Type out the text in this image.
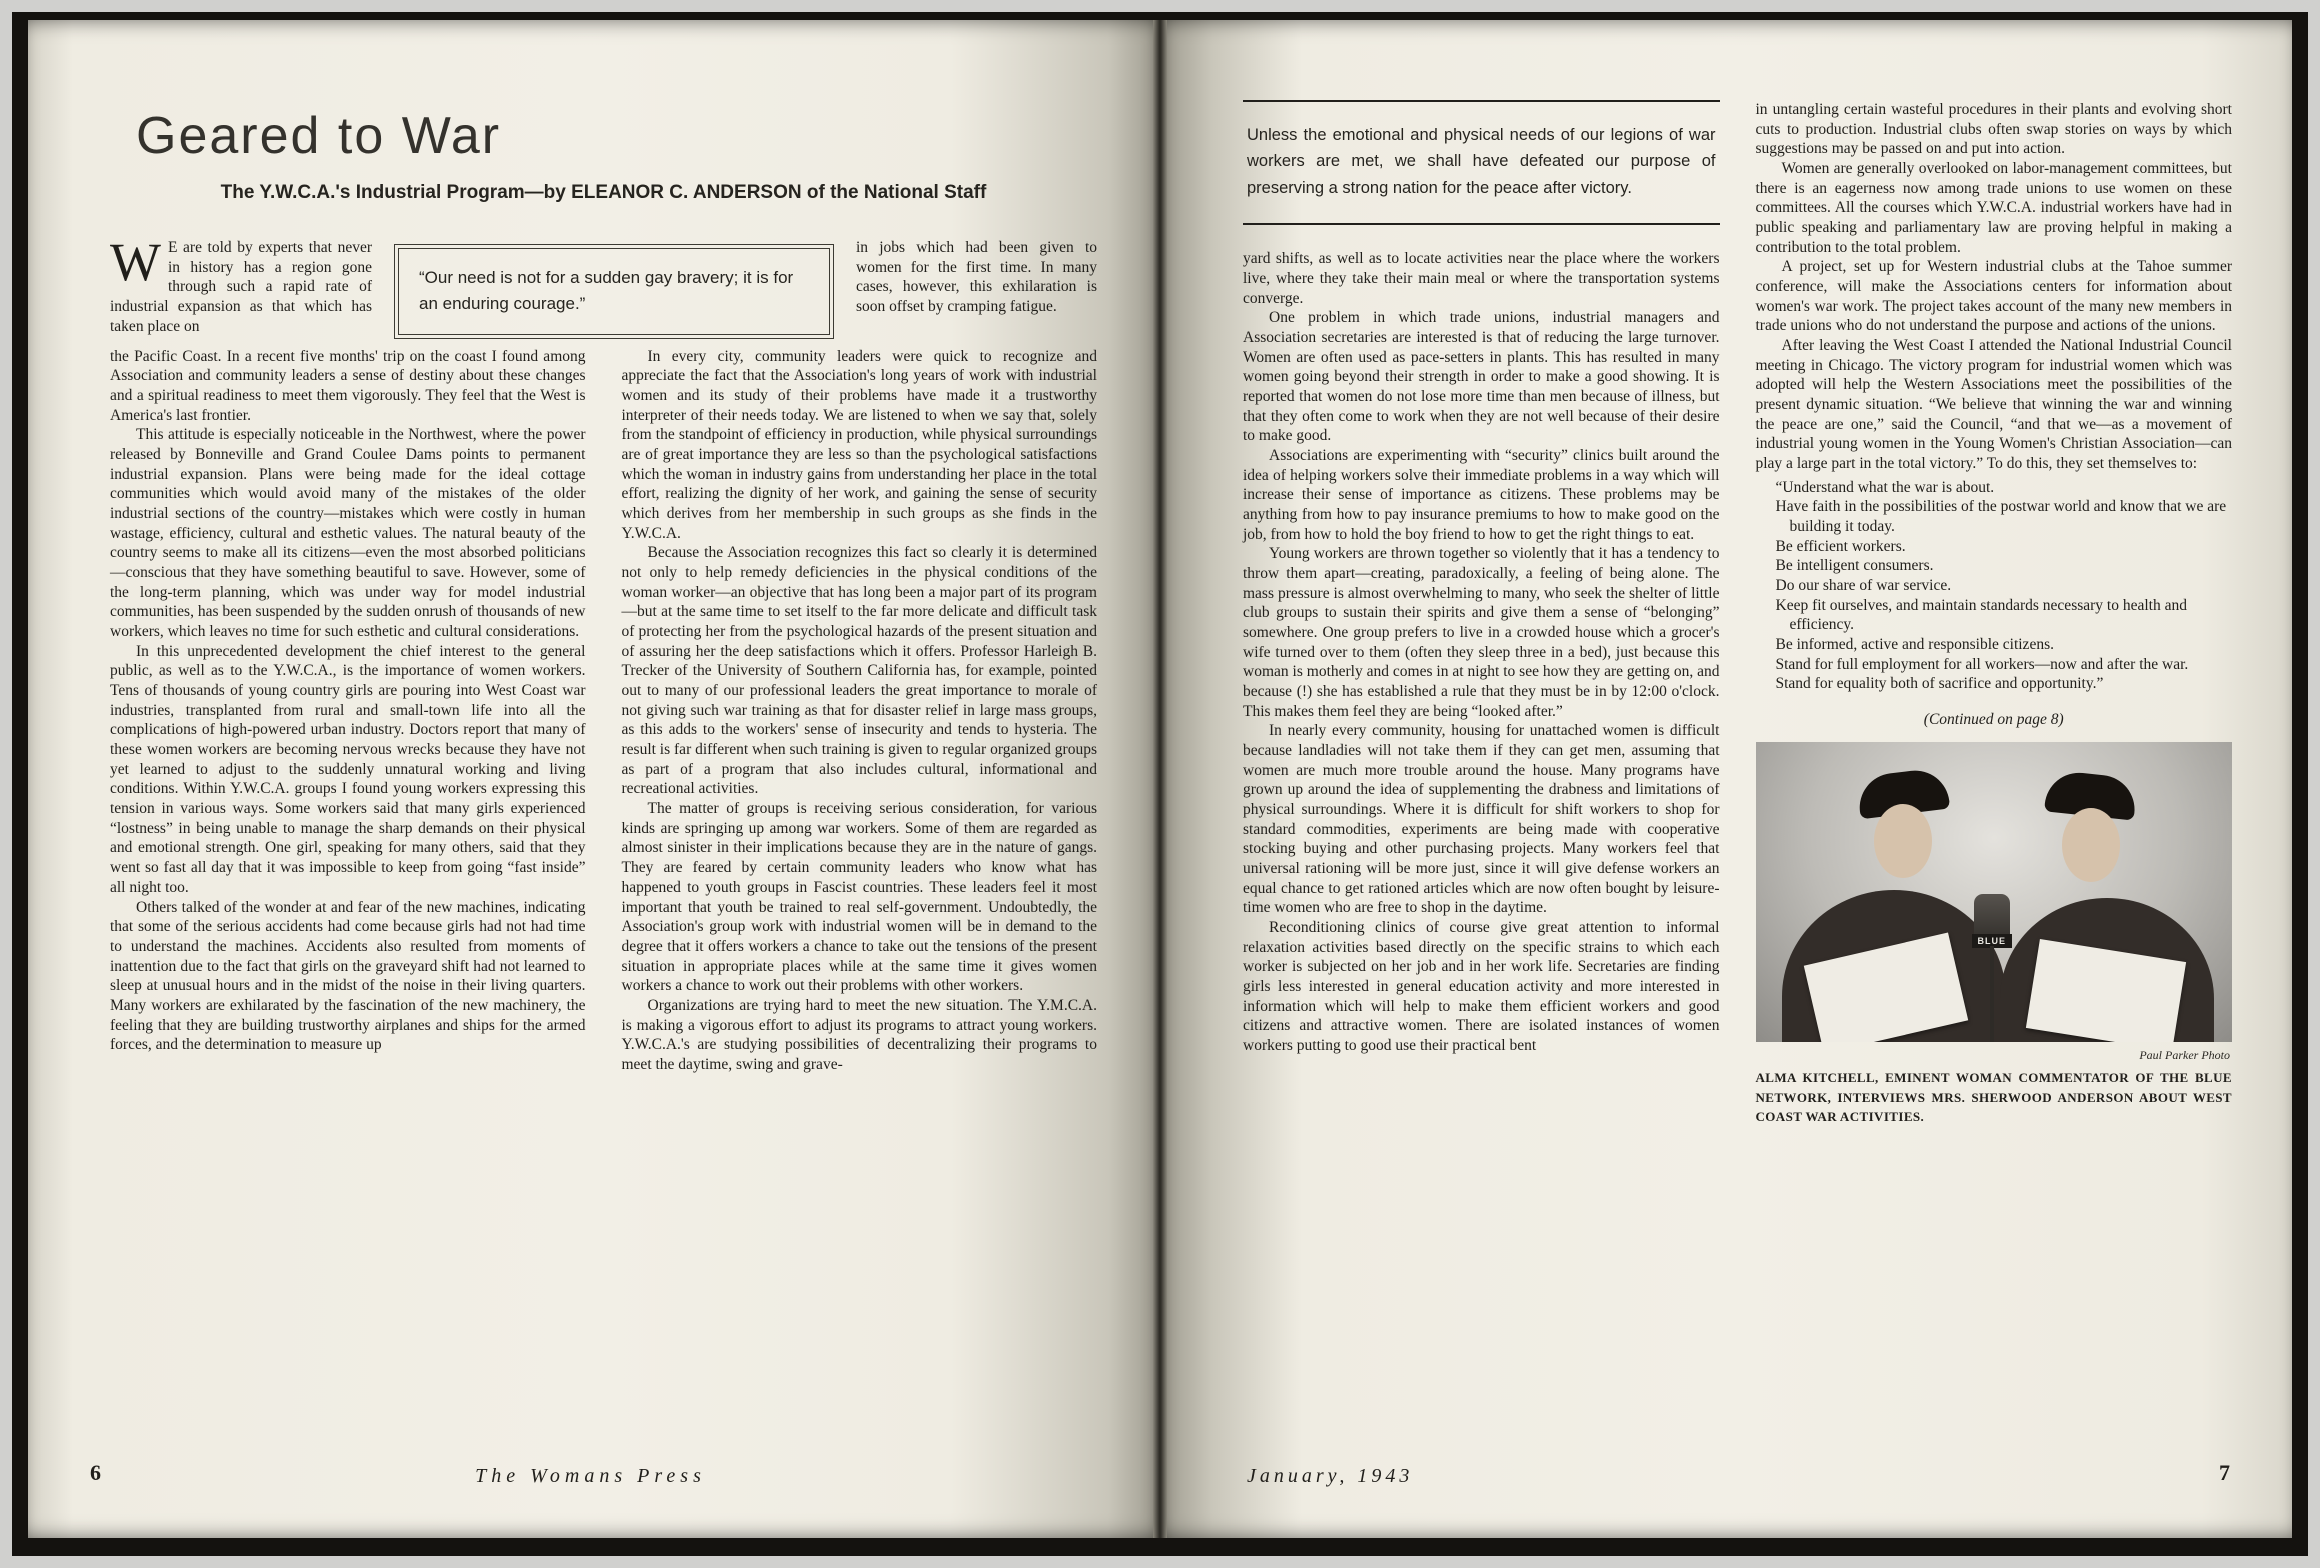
Geared to War
The Y.W.C.A.'s Industrial Program—by ELEANOR C. ANDERSON of the National Staff
W E are told by experts that never in history has a region gone through such a rapid rate of industrial expansion as that which has taken place on
“Our need is not for a sudden gay bravery; it is for an enduring courage.”
in jobs which had been given to women for the first time. In many cases, however, this exhilaration is soon offset by cramping fatigue.

the Pacific Coast. In a recent five months' trip on the coast I found among Association and community leaders a sense of destiny about these changes and a spiritual readiness to meet them vigorously. They feel that the West is America's last frontier.

This attitude is especially noticeable in the Northwest, where the power released by Bonneville and Grand Coulee Dams points to permanent industrial expansion. Plans were being made for the ideal cottage communities which would avoid many of the mistakes of the older industrial sections of the country—mistakes which were costly in human wastage, efficiency, cultural and esthetic values. The natural beauty of the country seems to make all its citizens—even the most absorbed politicians—conscious that they have something beautiful to save. However, some of the long-term planning, which was under way for model industrial communities, has been suspended by the sudden onrush of thousands of new workers, which leaves no time for such esthetic and cultural considerations.

In this unprecedented development the chief interest to the general public, as well as to the Y.W.C.A., is the importance of women workers. Tens of thousands of young country girls are pouring into West Coast war industries, transplanted from rural and small-town life into all the complications of high-powered urban industry. Doctors report that many of these women workers are becoming nervous wrecks because they have not yet learned to adjust to the suddenly unnatural working and living conditions. Within Y.W.C.A. groups I found young workers expressing this tension in various ways. Some workers said that many girls experienced “lostness” in being unable to manage the sharp demands on their physical and emotional strength. One girl, speaking for many others, said that they went so fast all day that it was impossible to keep from going “fast inside” all night too.

Others talked of the wonder at and fear of the new machines, indicating that some of the serious accidents had come because girls had not had time to understand the machines. Accidents also resulted from moments of inattention due to the fact that girls on the graveyard shift had not learned to sleep at unusual hours and in the midst of the noise in their living quarters. Many workers are exhilarated by the fascination of the new machinery, the feeling that they are building trustworthy airplanes and ships for the armed forces, and the determination to measure up

In every city, community leaders were quick to recognize and appreciate the fact that the Association's long years of work with industrial women and its study of their problems have made it a trustworthy interpreter of their needs today. We are listened to when we say that, solely from the standpoint of efficiency in production, while physical surroundings are of great importance they are less so than the psychological satisfactions which the woman in industry gains from understanding her place in the total effort, realizing the dignity of her work, and gaining the sense of security which derives from her membership in such groups as she finds in the Y.W.C.A.

Because the Association recognizes this fact so clearly it is determined not only to help remedy deficiencies in the physical conditions of the woman worker—an objective that has long been a major part of its program—but at the same time to set itself to the far more delicate and difficult task of protecting her from the psychological hazards of the present situation and of assuring her the deep satisfactions which it offers. Professor Harleigh B. Trecker of the University of Southern California has, for example, pointed out to many of our professional leaders the great importance to morale of not giving such war training as that for disaster relief in large mass groups, as this adds to the workers' sense of insecurity and tends to hysteria. The result is far different when such training is given to regular organized groups as part of a program that also includes cultural, informational and recreational activities.

The matter of groups is receiving serious consideration, for various kinds are springing up among war workers. Some of them are regarded as almost sinister in their implications because they are in the nature of gangs. They are feared by certain community leaders who know what has happened to youth groups in Fascist countries. These leaders feel it most important that youth be trained to real self-government. Undoubtedly, the Association's group work with industrial women will be in demand to the degree that it offers workers a chance to take out the tensions of the present situation in appropriate places while at the same time it gives women workers a chance to work out their problems with other workers.

Organizations are trying hard to meet the new situation. The Y.M.C.A. is making a vigorous effort to adjust its programs to attract young workers. Y.W.C.A.'s are studying possibilities of decentralizing their programs to meet the daytime, swing and grave-

6	The Womans Press
Unless the emotional and physical needs of our legions of war workers are met, we shall have defeated our purpose of preserving a strong nation for the peace after victory.

yard shifts, as well as to locate activities near the place where the workers live, where they take their main meal or where the transportation systems converge.

One problem in which trade unions, industrial managers and Association secretaries are interested is that of reducing the large turnover. Women are often used as pace-setters in plants. This has resulted in many women going beyond their strength in order to make a good showing. It is reported that women do not lose more time than men because of illness, but that they often come to work when they are not well because of their desire to make good.

Associations are experimenting with “security” clinics built around the idea of helping workers solve their immediate problems in a way which will increase their sense of importance as citizens. These problems may be anything from how to pay insurance premiums to how to make good on the job, from how to hold the boy friend to how to get the right things to eat.

Young workers are thrown together so violently that it has a tendency to throw them apart—creating, paradoxically, a feeling of being alone. The mass pressure is almost overwhelming to many, who seek the shelter of little club groups to sustain their spirits and give them a sense of “belonging” somewhere. One group prefers to live in a crowded house which a grocer's wife turned over to them (often they sleep three in a bed), just because this woman is motherly and comes in at night to see how they are getting on, and because (!) she has established a rule that they must be in by 12:00 o'clock. This makes them feel they are being “looked after.”

In nearly every community, housing for unattached women is difficult because landladies will not take them if they can get men, assuming that women are much more trouble around the house. Many programs have grown up around the idea of supplementing the drabness and limitations of physical surroundings. Where it is difficult for shift workers to shop for standard commodities, experiments are being made with cooperative stocking buying and other purchasing projects. Many workers feel that universal rationing will be more just, since it will give defense workers an equal chance to get rationed articles which are now often bought by leisure-time women who are free to shop in the daytime.

Reconditioning clinics of course give great attention to informal relaxation activities based directly on the specific strains to which each worker is subjected on her job and in her work life. Secretaries are finding girls less interested in general education activity and more interested in information which will help to make them efficient workers and good citizens and attractive women. There are isolated instances of women workers putting to good use their practical bent

in untangling certain wasteful procedures in their plants and evolving short cuts to production. Industrial clubs often swap stories on ways by which suggestions may be passed on and put into action.

Women are generally overlooked on labor-management committees, but there is an eagerness now among trade unions to use women on these committees. All the courses which Y.W.C.A. industrial workers have had in public speaking and parliamentary law are proving helpful in making a contribution to the total problem.

A project, set up for Western industrial clubs at the Tahoe summer conference, will make the Associations centers for information about women's war work. The project takes account of the many new members in trade unions who do not understand the purpose and actions of the unions.

After leaving the West Coast I attended the National Industrial Council meeting in Chicago. The victory program for industrial women which was adopted will help the Western Associations meet the possibilities of the present dynamic situation. “We believe that winning the war and winning the peace are one,” said the Council, “and that we—as a movement of industrial young women in the Young Women's Christian Association—can play a large part in the total victory.” To do this, they set themselves to:

“Understand what the war is about.

Have faith in the possibilities of the postwar world and know that we are building it today.

Be efficient workers.

Be intelligent consumers.

Do our share of war service.

Keep fit ourselves, and maintain standards necessary to health and efficiency.

Be informed, active and responsible citizens.

Stand for full employment for all workers—now and after the war.

Stand for equality both of sacrifice and opportunity.”

(Continued on page 8)

BLUE
Paul Parker Photo
ALMA KITCHELL, EMINENT WOMAN COMMENTATOR OF THE BLUE NETWORK, INTERVIEWS MRS. SHERWOOD ANDERSON ABOUT WEST COAST WAR ACTIVITIES.
January, 1943	7
